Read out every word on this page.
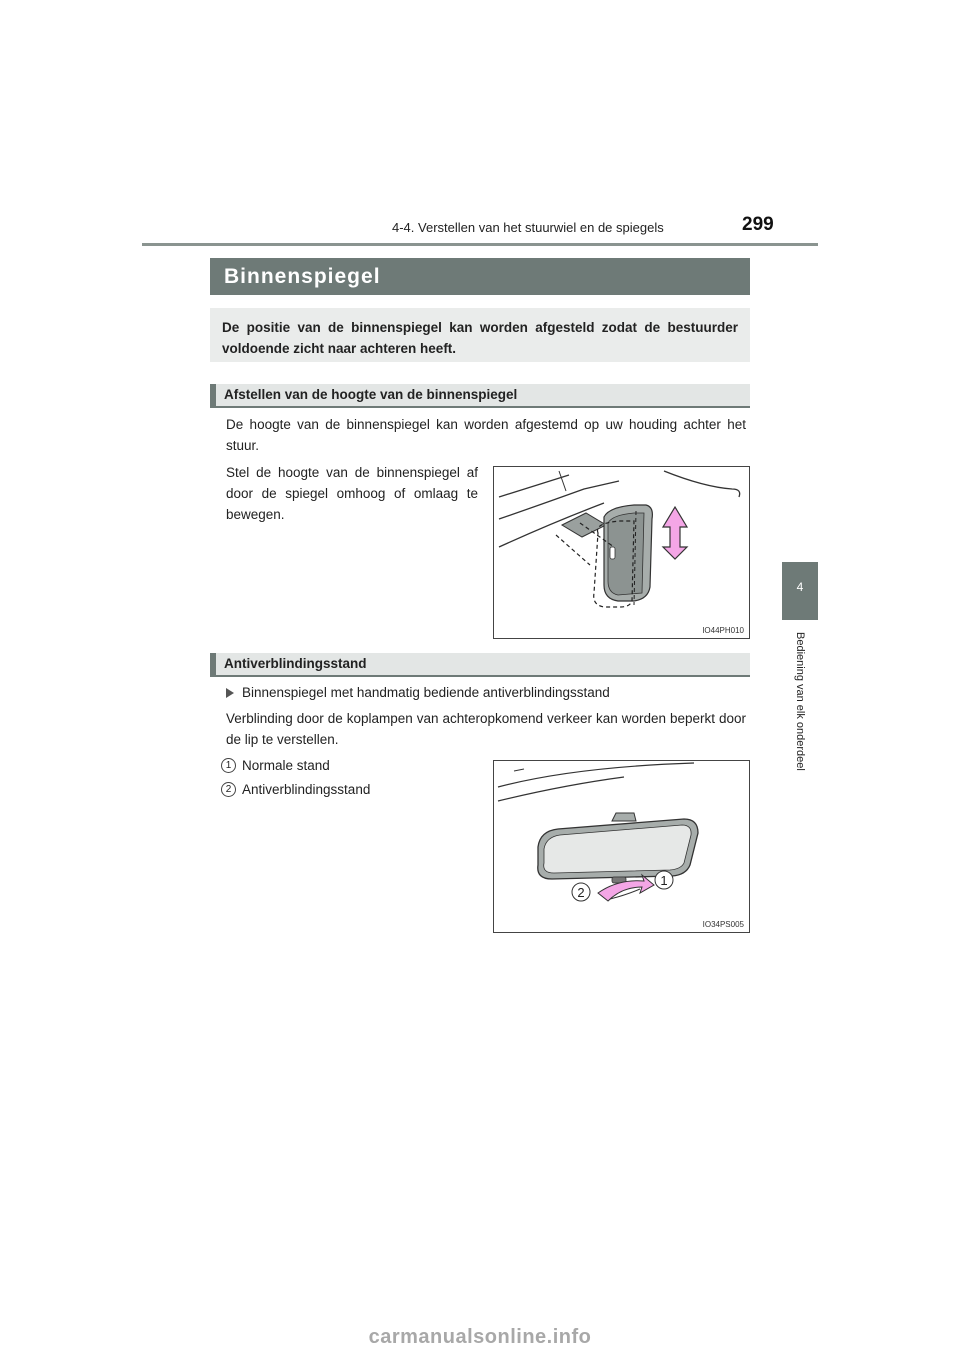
4-4. Verstellen van het stuurwiel en de spiegels	299
4
Bediening van elk onderdeel
Binnenspiegel
De positie van de binnenspiegel kan worden afgesteld zodat de bestuurder voldoende zicht naar achteren heeft.
Afstellen van de hoogte van de binnenspiegel
De hoogte van de binnenspiegel kan worden afgestemd op uw houding achter het stuur.
Stel de hoogte van de binnenspiegel af door de spiegel omhoog of omlaag te bewegen.
IO44PH010
Antiverblindingsstand
Binnenspiegel met handmatig bediende antiverblindingsstand
Verblinding door de koplampen van achteropkomend verkeer kan worden beperkt door de lip te verstellen.
1 Normale stand
2 Antiverblindingsstand
1
2
IO34PS005
carmanualsonline.info
